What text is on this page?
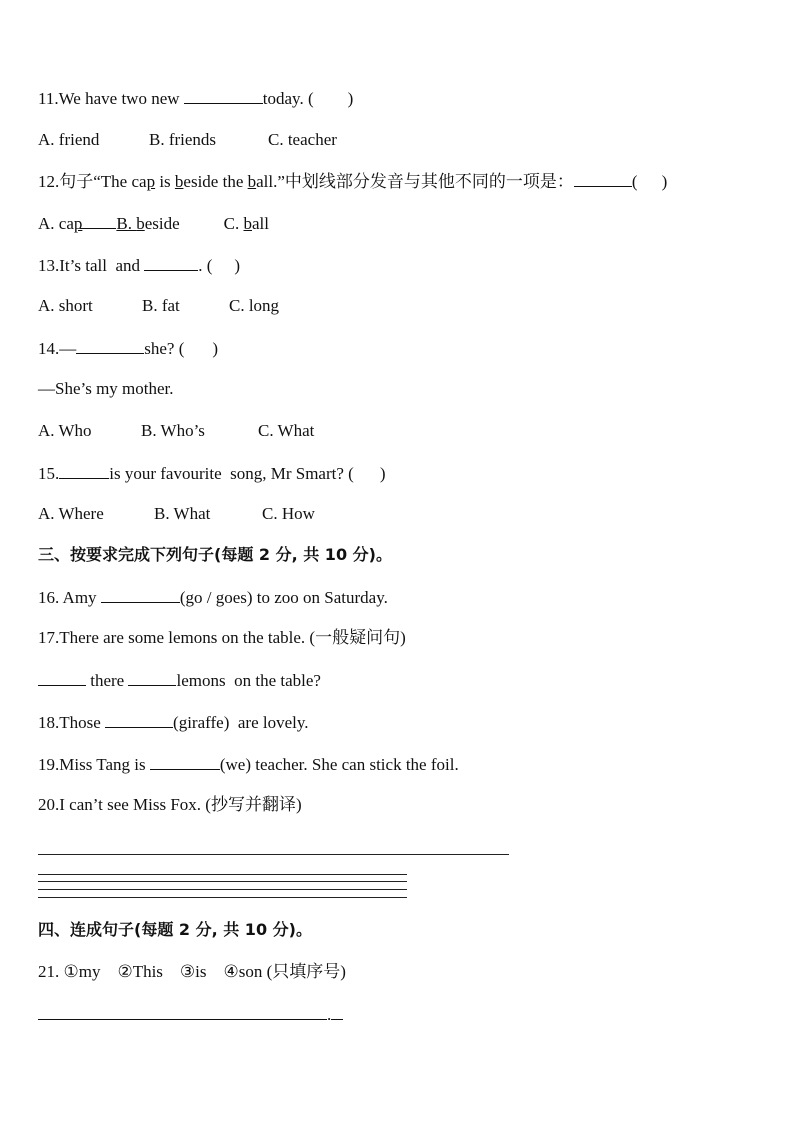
11.We have two new	today. ( )
A. friend	B. friends	C. teacher
12.句子“The cap is beside the ball.”中划线部分发音与其他不同的一项是：	( )
A. cap B. beside	C. ball
13.It’s tall  and	. ( )
A. short	B. fat	C. long
14.—	she? ( )
—She’s my mother.
A. Who	B. Who’s	C. What
15.	is your favourite  song, Mr Smart? ( )
A. Where	B. What	C. How
三、按要求完成下列句子(每题 2 分, 共 10 分)。
16. Amy	(go / goes) to zoo on Saturday.
17.There are some lemons on the table. (一般疑问句)
there	lemons  on the table?
18.Those	(giraffe)  are lovely.
19.Miss Tang is	(we) teacher. She can stick the foil.
20.I can’t see Miss Fox. (抄写并翻译)
四、连成句子(每题 2 分, 共 10 分)。
21. ①my    ②This    ③is    ④son (只填序号)
.
